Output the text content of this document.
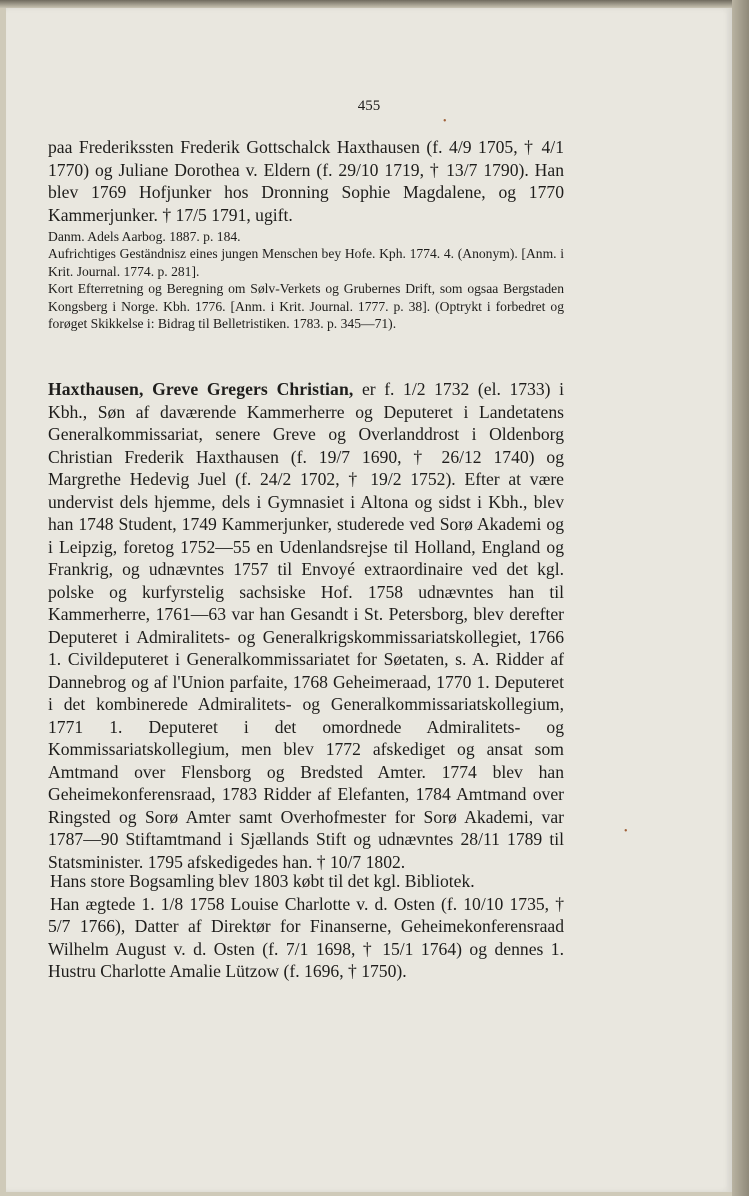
455

paa Frederikssten Frederik Gottschalck Haxthausen (f. 4/9 1705, † 4/1 1770) og Juliane Dorothea v. Eldern (f. 29/10 1719, † 13/7 1790). Han blev 1769 Hofjunker hos Dronning Sophie Magdalene, og 1770 Kammerjunker. † 17/5 1791, ugift.

Danm. Adels Aarbog. 1887. p. 184.

Aufrichtiges Geständnisz eines jungen Menschen bey Hofe. Kph. 1774. 4. (Anonym). [Anm. i Krit. Journal. 1774. p. 281].

Kort Efterretning og Beregning om Sølv-Verkets og Grubernes Drift, som ogsaa Bergstaden Kongsberg i Norge. Kbh. 1776. [Anm. i Krit. Journal. 1777. p. 38]. (Optrykt i forbedret og forøget Skikkelse i: Bidrag til Belletristiken. 1783. p. 345—71).

Haxthausen, Greve Gregers Christian, er f. 1/2 1732 (el. 1733) i Kbh., Søn af daværende Kammerherre og Deputeret i Landetatens Generalkommissariat, senere Greve og Overlanddrost i Oldenborg Christian Frederik Haxthausen (f. 19/7 1690, † 26/12 1740) og Margrethe Hedevig Juel (f. 24/2 1702, † 19/2 1752). Efter at være undervist dels hjemme, dels i Gymnasiet i Altona og sidst i Kbh., blev han 1748 Student, 1749 Kammerjunker, studerede ved Sorø Akademi og i Leipzig, foretog 1752—55 en Udenlandsrejse til Holland, England og Frankrig, og udnævntes 1757 til Envoyé extraordinaire ved det kgl. polske og kurfyrstelig sachsiske Hof. 1758 udnævntes han til Kammerherre, 1761—63 var han Gesandt i St. Petersborg, blev derefter Deputeret i Admiralitets- og Generalkrigskommissariatskollegiet, 1766 1. Civildeputeret i Generalkommissariatet for Søetaten, s. A. Ridder af Dannebrog og af l'Union parfaite, 1768 Geheimeraad, 1770 1. Deputeret i det kombinerede Admiralitets- og Generalkommissariatskollegium, 1771 1. Deputeret i det omordnede Admiralitets- og Kommissariatskollegium, men blev 1772 afskediget og ansat som Amtmand over Flensborg og Bredsted Amter. 1774 blev han Geheimekonferensraad, 1783 Ridder af Elefanten, 1784 Amtmand over Ringsted og Sorø Amter samt Overhofmester for Sorø Akademi, var 1787—90 Stiftamtmand i Sjællands Stift og udnævntes 28/11 1789 til Statsminister. 1795 afskedigedes han. † 10/7 1802.

Hans store Bogsamling blev 1803 købt til det kgl. Bibliotek.

Han ægtede 1. 1/8 1758 Louise Charlotte v. d. Osten (f. 10/10 1735, † 5/7 1766), Datter af Direktør for Finanserne, Geheimekonferensraad Wilhelm August v. d. Osten (f. 7/1 1698, † 15/1 1764) og dennes 1. Hustru Charlotte Amalie Lützow (f. 1696, † 1750).

•
•
